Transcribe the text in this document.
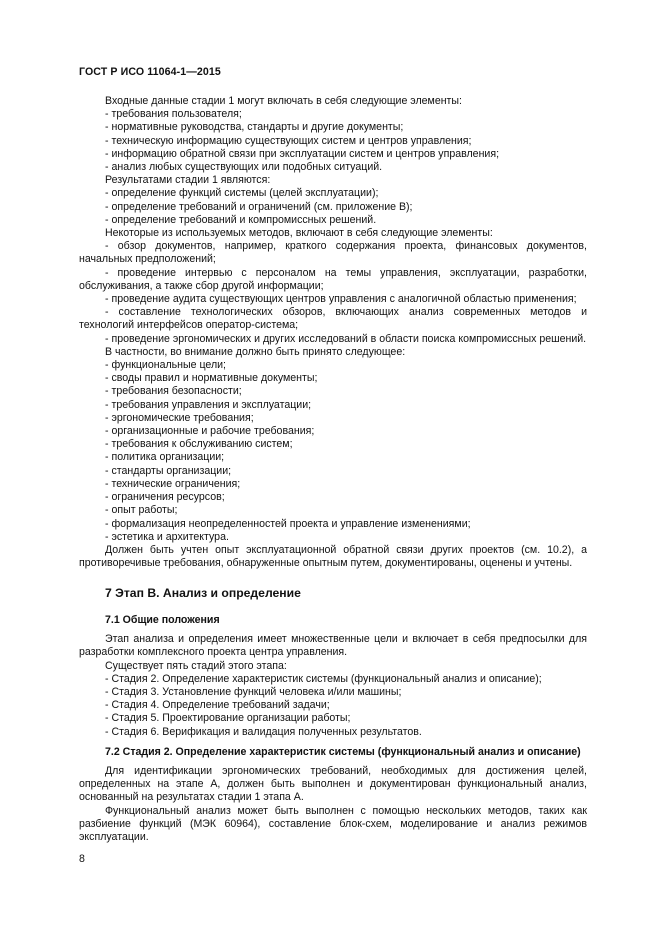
ГОСТ Р ИСО 11064-1—2015

Входные данные стадии 1 могут включать в себя следующие элементы:

- требования пользователя;

- нормативные руководства, стандарты и другие документы;

- техническую информацию существующих систем и центров управления;

- информацию обратной связи при эксплуатации систем и центров управления;

- анализ любых существующих или подобных ситуаций.

Результатами стадии 1 являются:

- определение функций системы (целей эксплуатации);

- определение требований и ограничений (см. приложение В);

- определение требований и компромиссных решений.

Некоторые из используемых методов, включают в себя следующие элементы:

- обзор документов, например, краткого содержания проекта, финансовых документов, начальных предположений;

- проведение интервью с персоналом на темы управления, эксплуатации, разработки, обслуживания, а также сбор другой информации;

- проведение аудита существующих центров управления с аналогичной областью применения;

- составление технологических обзоров, включающих анализ современных методов и технологий интерфейсов оператор-система;

- проведение эргономических и других исследований в области поиска компромиссных решений.

В частности, во внимание должно быть принято следующее:

- функциональные цели;

- своды правил и нормативные документы;

- требования безопасности;

- требования управления и эксплуатации;

- эргономические требования;

- организационные и рабочие требования;

- требования к обслуживанию систем;

- политика организации;

- стандарты организации;

- технические ограничения;

- ограничения ресурсов;

- опыт работы;

- формализация неопределенностей проекта и управление изменениями;

- эстетика и архитектура.

Должен быть учтен опыт эксплуатационной обратной связи других проектов (см. 10.2), а противоречивые требования, обнаруженные опытным путем, документированы, оценены и учтены.

7 Этап В. Анализ и определение

7.1 Общие положения

Этап анализа и определения имеет множественные цели и включает в себя предпосылки для разработки комплексного проекта центра управления.

Существует пять стадий этого этапа:

- Стадия 2. Определение характеристик системы (функциональный анализ и описание);

- Стадия 3. Установление функций человека и/или машины;

- Стадия 4. Определение требований задачи;

- Стадия 5. Проектирование организации работы;

- Стадия 6. Верификация и валидация полученных результатов.

7.2 Стадия 2. Определение характеристик системы (функциональный анализ и описание)

Для идентификации эргономических требований, необходимых для достижения целей, определенных на этапе А, должен быть выполнен и документирован функциональный анализ, основанный на результатах стадии 1 этапа А.

Функциональный анализ может быть выполнен с помощью нескольких методов, таких как разбиение функций (МЭК 60964), составление блок-схем, моделирование и анализ режимов эксплуатации.

8
